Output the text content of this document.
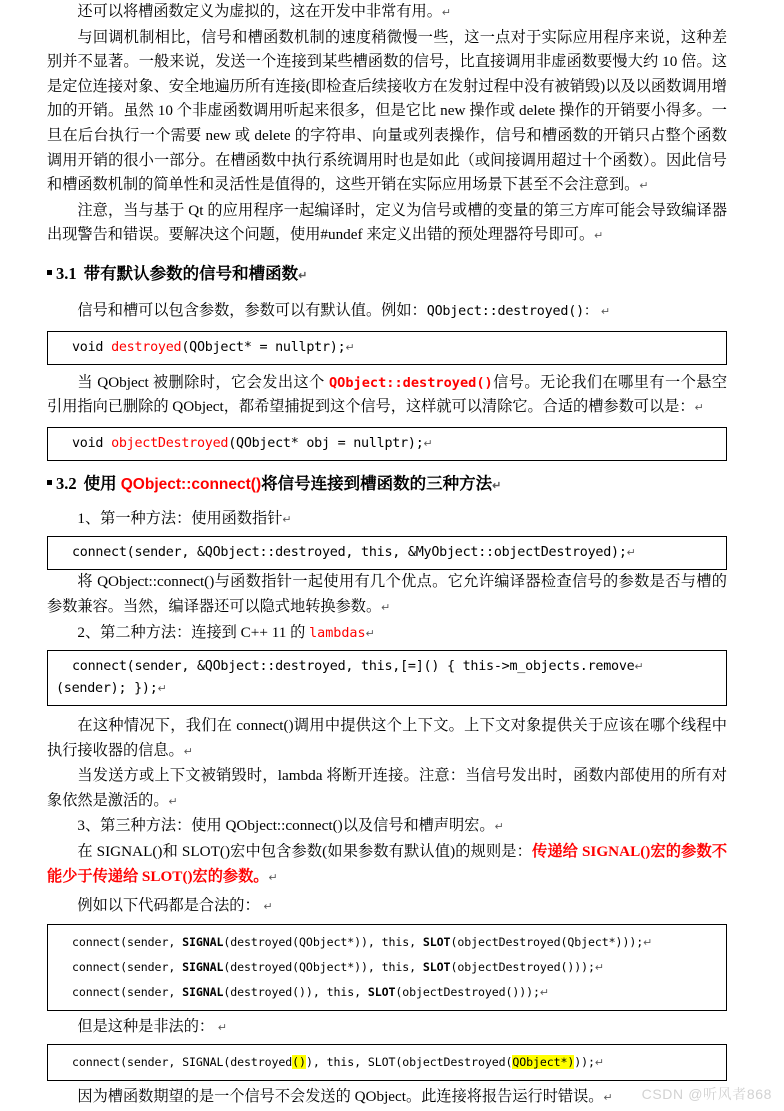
还可以将槽函数定义为虚拟的，这在开发中非常有用。↵

与回调机制相比，信号和槽函数机制的速度稍微慢一些，这一点对于实际应用程序来说，这种差别并不显著。一般来说，发送一个连接到某些槽函数的信号，比直接调用非虚函数要慢大约 10 倍。这是定位连接对象、安全地遍历所有连接(即检查后续接收方在发射过程中没有被销毁)以及以函数调用增加的开销。虽然 10 个非虚函数调用听起来很多，但是它比 new 操作或 delete 操作的开销要小得多。一旦在后台执行一个需要 new 或 delete 的字符串、向量或列表操作，信号和槽函数的开销只占整个函数调用开销的很小一部分。在槽函数中执行系统调用时也是如此（或间接调用超过十个函数）。因此信号和槽函数机制的简单性和灵活性是值得的，这些开销在实际应用场景下甚至不会注意到。↵

注意，当与基于 Qt 的应用程序一起编译时，定义为信号或槽的变量的第三方库可能会导致编译器出现警告和错误。要解决这个问题，使用#undef 来定义出错的预处理器符号即可。↵

3.1 带有默认参数的信号和槽函数 ↵

信号和槽可以包含参数，参数可以有默认值。例如：QObject::destroyed()： ↵

void destroyed(QObject* = nullptr);↵

当 QObject 被删除时，它会发出这个 QObject::destroyed()信号。无论我们在哪里有一个悬空引用指向已删除的 QObject，都希望捕捉到这个信号，这样就可以清除它。合适的槽参数可以是：↵

void objectDestroyed(QObject* obj = nullptr);↵
3.2 使用 QObject::connect()将信号连接到槽函数的三种方法 ↵

1、第一种方法：使用函数指针↵

connect(sender, &QObject::destroyed, this, &MyObject::objectDestroyed);↵

将 QObject::connect()与函数指针一起使用有几个优点。它允许编译器检查信号的参数是否与槽的参数兼容。当然，编译器还可以隐式地转换参数。↵

2、第二种方法：连接到 C++ 11 的 lambdas↵

connect(sender, &QObject::destroyed, this,[=]() { this->m_objects.remove↵
(sender); });↵

在这种情况下，我们在 connect()调用中提供这个上下文。上下文对象提供关于应该在哪个线程中执行接收器的信息。↵

当发送方或上下文被销毁时，lambda 将断开连接。注意：当信号发出时，函数内部使用的所有对象依然是激活的。↵

3、第三种方法：使用 QObject::connect()以及信号和槽声明宏。↵

在 SIGNAL()和 SLOT()宏中包含参数(如果参数有默认值)的规则是：传递给 SIGNAL()宏的参数不能少于传递给 SLOT()宏的参数。↵

例如以下代码都是合法的： ↵

connect(sender, SIGNAL(destroyed(QObject*)), this, SLOT(objectDestroyed(Qbject*)));↵
connect(sender, SIGNAL(destroyed(QObject*)), this, SLOT(objectDestroyed()));↵
connect(sender, SIGNAL(destroyed()), this, SLOT(objectDestroyed()));↵

但是这种是非法的： ↵

connect(sender, SIGNAL(destroyed()), this, SLOT(objectDestroyed(QObject*)));↵

因为槽函数期望的是一个信号不会发送的 QObject。此连接将报告运行时错误。↵	CSDN @听风者868
